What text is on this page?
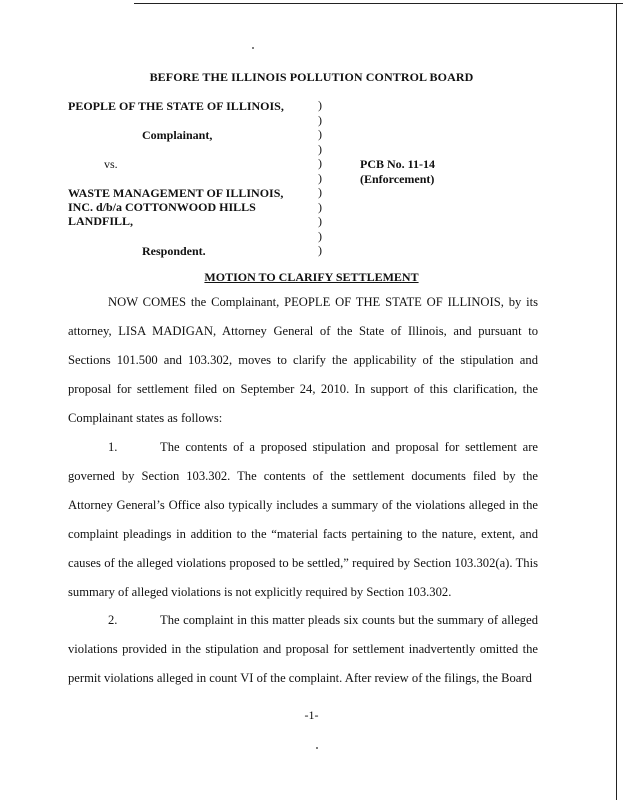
BEFORE THE ILLINOIS POLLUTION CONTROL BOARD
PEOPLE OF THE STATE OF ILLINOIS,
Complainant,
vs.
WASTE MANAGEMENT OF ILLINOIS,
INC. d/b/a COTTONWOOD HILLS
LANDFILL,
Respondent.
)
)
)
)
)
)
)
)
)
)
)
PCB No. 11-14
(Enforcement)
MOTION TO CLARIFY SETTLEMENT
NOW COMES the Complainant, PEOPLE OF THE STATE OF ILLINOIS, by its attorney, LISA MADIGAN, Attorney General of the State of Illinois, and pursuant to Sections 101.500 and 103.302, moves to clarify the applicability of the stipulation and proposal for settlement filed on September 24, 2010. In support of this clarification, the Complainant states as follows:
1.	The contents of a proposed stipulation and proposal for settlement are governed by Section 103.302. The contents of the settlement documents filed by the Attorney General’s Office also typically includes a summary of the violations alleged in the complaint pleadings in addition to the “material facts pertaining to the nature, extent, and causes of the alleged violations proposed to be settled,” required by Section 103.302(a). This summary of alleged violations is not explicitly required by Section 103.302.
2.	The complaint in this matter pleads six counts but the summary of alleged violations provided in the stipulation and proposal for settlement inadvertently omitted the permit violations alleged in count VI of the complaint. After review of the filings, the Board
-1-
